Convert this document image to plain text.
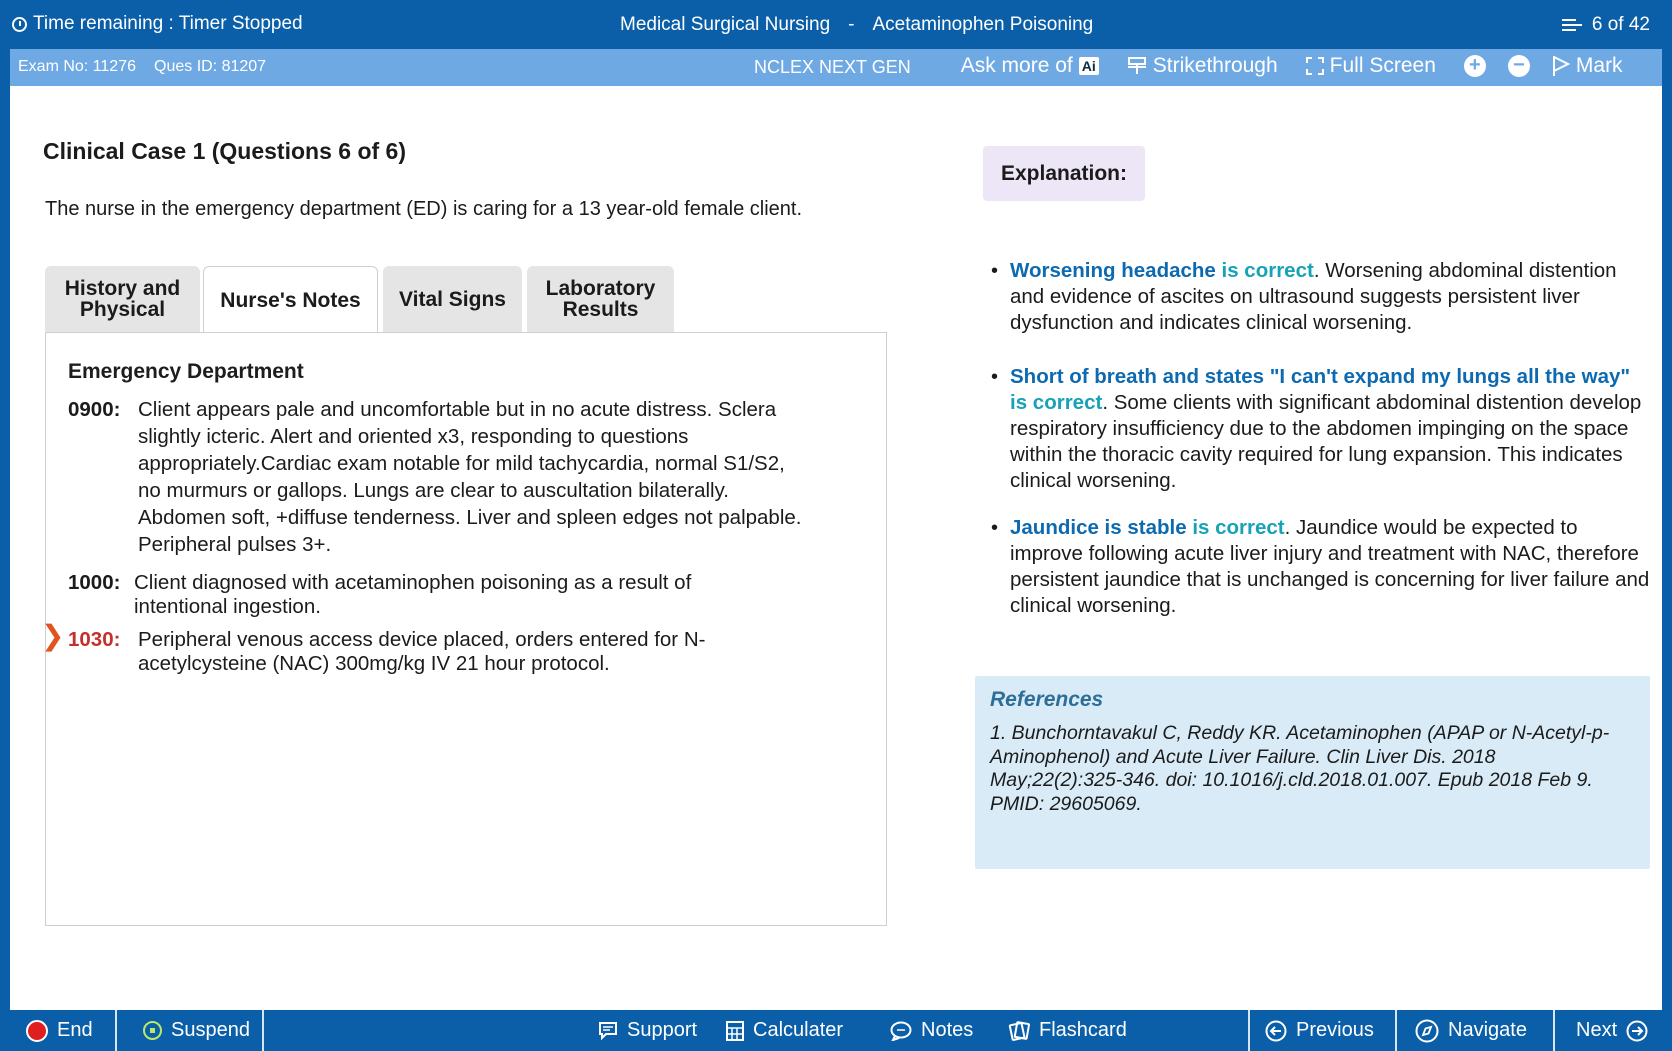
Time remaining : Timer Stopped	Medical Surgical Nursing - Acetaminophen Poisoning	6 of 42
Exam No: 11276 Ques ID: 81207	NCLEX NEXT GEN Ask more of Ai	Strikethrough Full Screen + − Mark
Clinical Case 1 (Questions 6 of 6)
The nurse in the emergency department (ED) is caring for a 13 year-old female client.
History and Physical	Nurse's Notes Vital Signs Laboratory Results
Emergency Department
0900: Client appears pale and uncomfortable but in no acute distress. Sclera slightly icteric. Alert and oriented x3, responding to questions appropriately.Cardiac exam notable for mild tachycardia, normal S1/S2, no murmurs or gallops. Lungs are clear to auscultation bilaterally. Abdomen soft, +diffuse tenderness. Liver and spleen edges not palpable. Peripheral pulses 3+.
1000: Client diagnosed with acetaminophen poisoning as a result of intentional ingestion.
❯ 1030: Peripheral venous access device placed, orders entered for N-acetylcysteine (NAC) 300mg/kg IV 21 hour protocol.
Explanation:
• Worsening headache is correct. Worsening abdominal distention and evidence of ascites on ultrasound suggests persistent liver dysfunction and indicates clinical worsening.
• Short of breath and states "I can't expand my lungs all the way" is correct. Some clients with significant abdominal distention develop respiratory insufficiency due to the abdomen impinging on the space within the thoracic cavity required for lung expansion. This indicates clinical worsening.
• Jaundice is stable is correct. Jaundice would be expected to improve following acute liver injury and treatment with NAC, therefore persistent jaundice that is unchanged is concerning for liver failure and clinical worsening.
References
1. Bunchorntavakul C, Reddy KR. Acetaminophen (APAP or N-Acetyl-p-Aminophenol) and Acute Liver Failure. Clin Liver Dis. 2018 May;22(2):325-346. doi: 10.1016/j.cld.2018.01.007. Epub 2018 Feb 9. PMID: 29605069.
End	Suspend	Support	Calculater	Notes	Flashcard	Previous	Navigate Next
